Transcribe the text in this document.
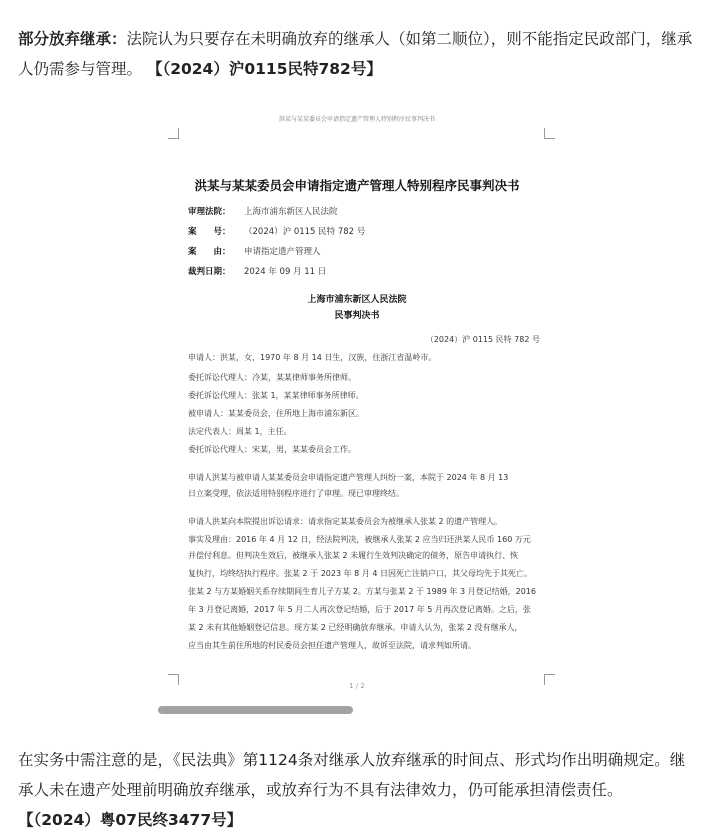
部分放弃继承：法院认为只要存在未明确放弃的继承人（如第二顺位），则不能指定民政部门，继承人仍需参与管理。 【（2024）沪0115民特782号】
洪某与某某委员会申请指定遗产管理人特别程序民事判决书
洪某与某某委员会申请指定遗产管理人特别程序民事判决书
审理法院： 上海市浦东新区人民法院
案　　号： （2024）沪 0115 民特 782 号
案　　由： 申请指定遗产管理人
裁判日期： 2024 年 09 月 11 日
上海市浦东新区人民法院
民事判决书
（2024）沪 0115 民特 782 号
申请人：洪某，女，1970 年 8 月 14 日生，汉族，住浙江省温岭市。
委托诉讼代理人：冷某，某某律师事务所律师。
委托诉讼代理人：张某 1，某某律师事务所律师。
被申请人：某某委员会，住所地上海市浦东新区。
法定代表人：周某 1，主任。
委托诉讼代理人：宋某，男，某某委员会工作。
申请人洪某与被申请人某某委员会申请指定遗产管理人纠纷一案，本院于 2024 年 8 月 13
日立案受理，依法适用特别程序进行了审理。现已审理终结。
申请人洪某向本院提出诉讼请求：请求指定某某委员会为被继承人张某 2 的遗产管理人。
事实及理由：2016 年 4 月 12 日，经法院判决，被继承人张某 2 应当归还洪某人民币 160 万元
并偿付利息。但判决生效后，被继承人张某 2 未履行生效判决确定的债务，原告申请执行、恢
复执行，均终结执行程序。张某 2 于 2023 年 8 月 4 日因死亡注销户口，其父母均先于其死亡。
张某 2 与方某婚姻关系存续期间生育儿子方某 2。方某与张某 2 于 1989 年 3 月登记结婚，2016
年 3 月登记离婚，2017 年 5 月二人再次登记结婚，后于 2017 年 5 月再次登记离婚。之后，张
某 2 未有其他婚姻登记信息。现方某 2 已经明确放弃继承。申请人认为，张某 2 没有继承人，
应当由其生前住所地的村民委员会担任遗产管理人，故诉至法院，请求判如所请。
1 / 2
在实务中需注意的是，《民法典》第1124条对继承人放弃继承的时间点、形式均作出明确规定。继承人未在遗产处理前明确放弃继承，或放弃行为不具有法律效力，仍可能承担清偿责任。
【（2024）粤07民终3477号】
